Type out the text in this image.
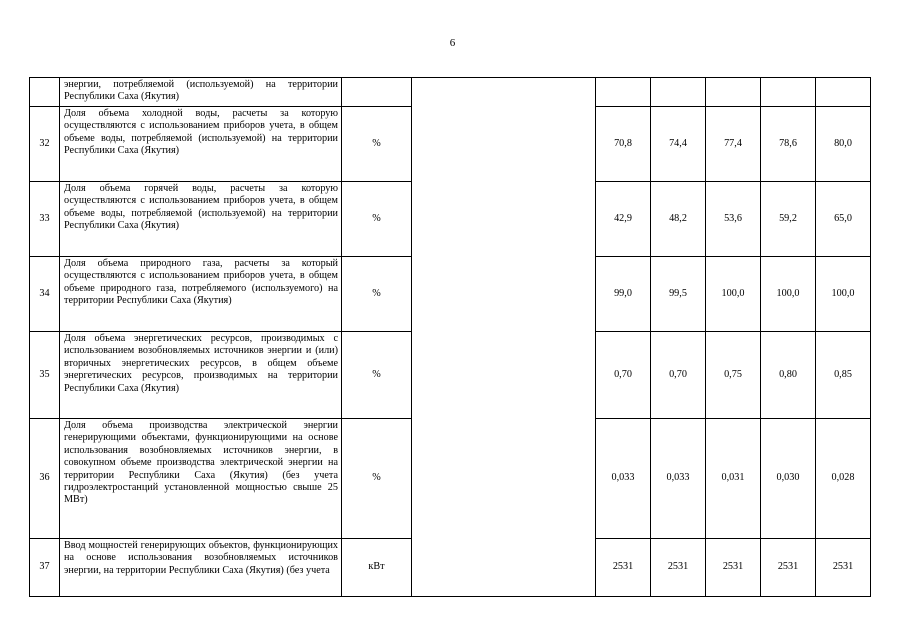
6
	энергии, потребляемой (используемой) на территории Республики Саха (Якутия)							
32	Доля объема холодной воды, расчеты за которую осуществляются с использованием приборов учета, в общем объеме воды, потребляемой (используемой) на территории Республики Саха (Якутия)	%		70,8	74,4	77,4	78,6	80,0
33	Доля объема горячей воды, расчеты за которую осуществляются с использованием приборов учета, в общем объеме воды, потребляемой (используемой) на территории Республики Саха (Якутия)	%		42,9	48,2	53,6	59,2	65,0
34	Доля объема природного газа, расчеты за который осуществляются с использованием приборов учета, в общем объеме природного газа, потребляемого (используемого) на территории Республики Саха (Якутия)	%		99,0	99,5	100,0	100,0	100,0
35	Доля объема энергетических ресурсов, производимых с использованием возобновляемых источников энергии и (или) вторичных энергетических ресурсов, в общем объеме энергетических ресурсов, производимых на территории Республики Саха (Якутия)	%		0,70	0,70	0,75	0,80	0,85
36	Доля объема производства электрической энергии генерирующими объектами, функционирующими на основе использования возобновляемых источников энергии, в совокупном объеме производства электрической энергии на территории Республики Саха (Якутия) (без учета гидроэлектростанций установленной мощностью свыше 25 МВт)	%		0,033	0,033	0,031	0,030	0,028
37	Ввод мощностей генерирующих объектов, функционирующих на основе использования возобновляемых источников энергии, на территории Республики Саха (Якутия) (без учета	кВт		2531	2531	2531	2531	2531
